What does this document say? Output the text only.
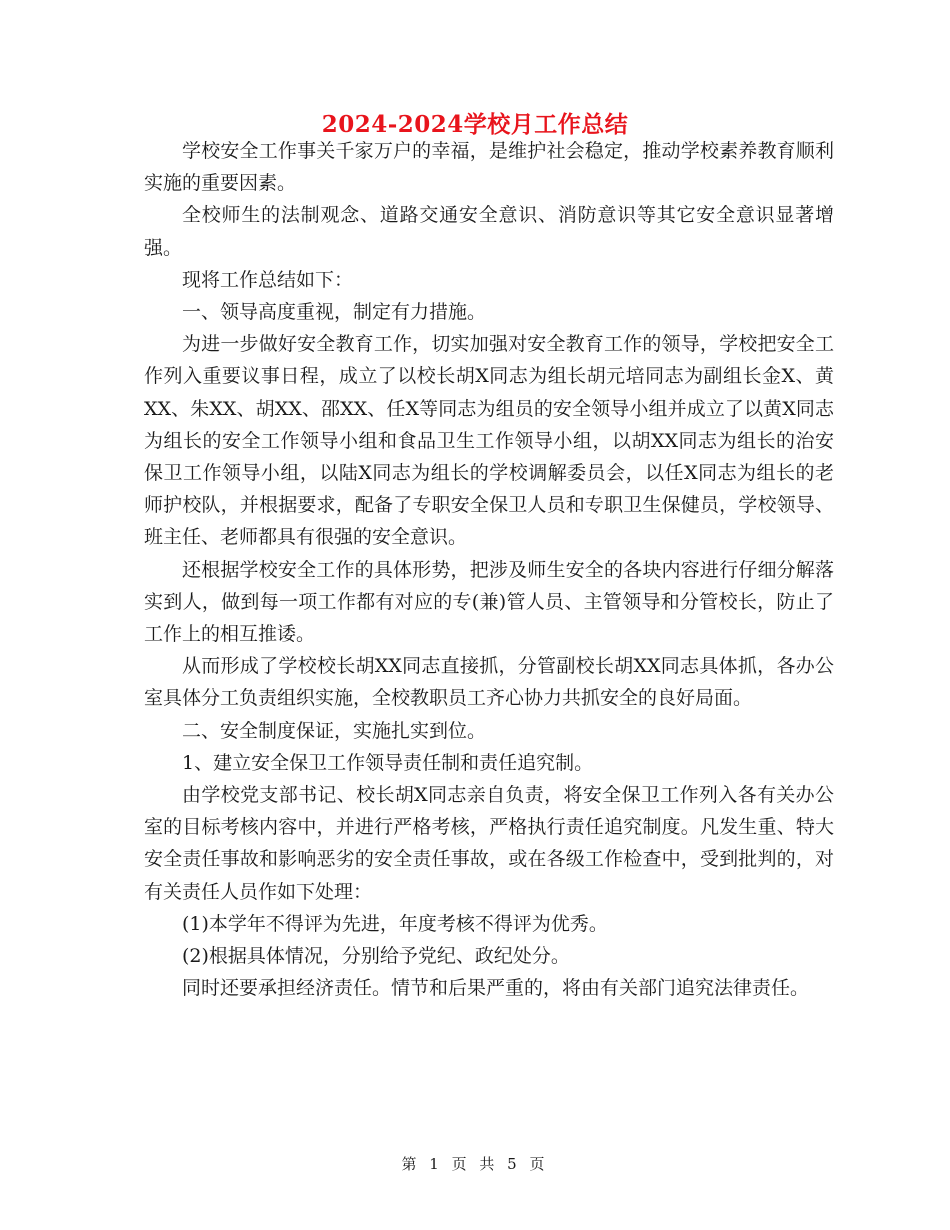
2024-2024学校月工作总结

学校安全工作事关千家万户的幸福，是维护社会稳定，推动学校素养教育顺利实施的重要因素。

全校师生的法制观念、道路交通安全意识、消防意识等其它安全意识显著增强。

现将工作总结如下：

一、领导高度重视，制定有力措施。

为进一步做好安全教育工作，切实加强对安全教育工作的领导，学校把安全工作列入重要议事日程，成立了以校长胡X同志为组长胡元培同志为副组长金X、黄XX、朱XX、胡XX、邵XX、任X等同志为组员的安全领导小组并成立了以黄X同志为组长的安全工作领导小组和食品卫生工作领导小组，以胡XX同志为组长的治安保卫工作领导小组，以陆X同志为组长的学校调解委员会，以任X同志为组长的老师护校队，并根据要求，配备了专职安全保卫人员和专职卫生保健员，学校领导、班主任、老师都具有很强的安全意识。

还根据学校安全工作的具体形势，把涉及师生安全的各块内容进行仔细分解落实到人，做到每一项工作都有对应的专(兼)管人员、主管领导和分管校长，防止了工作上的相互推诿。

从而形成了学校校长胡XX同志直接抓，分管副校长胡XX同志具体抓，各办公室具体分工负责组织实施，全校教职员工齐心协力共抓安全的良好局面。

二、安全制度保证，实施扎实到位。

1、建立安全保卫工作领导责任制和责任追究制。

由学校党支部书记、校长胡X同志亲自负责，将安全保卫工作列入各有关办公室的目标考核内容中，并进行严格考核，严格执行责任追究制度。凡发生重、特大安全责任事故和影响恶劣的安全责任事故，或在各级工作检查中，受到批判的，对有关责任人员作如下处理：

(1)本学年不得评为先进，年度考核不得评为优秀。

(2)根据具体情况，分别给予党纪、政纪处分。

同时还要承担经济责任。情节和后果严重的，将由有关部门追究法律责任。

第 1 页 共 5 页
